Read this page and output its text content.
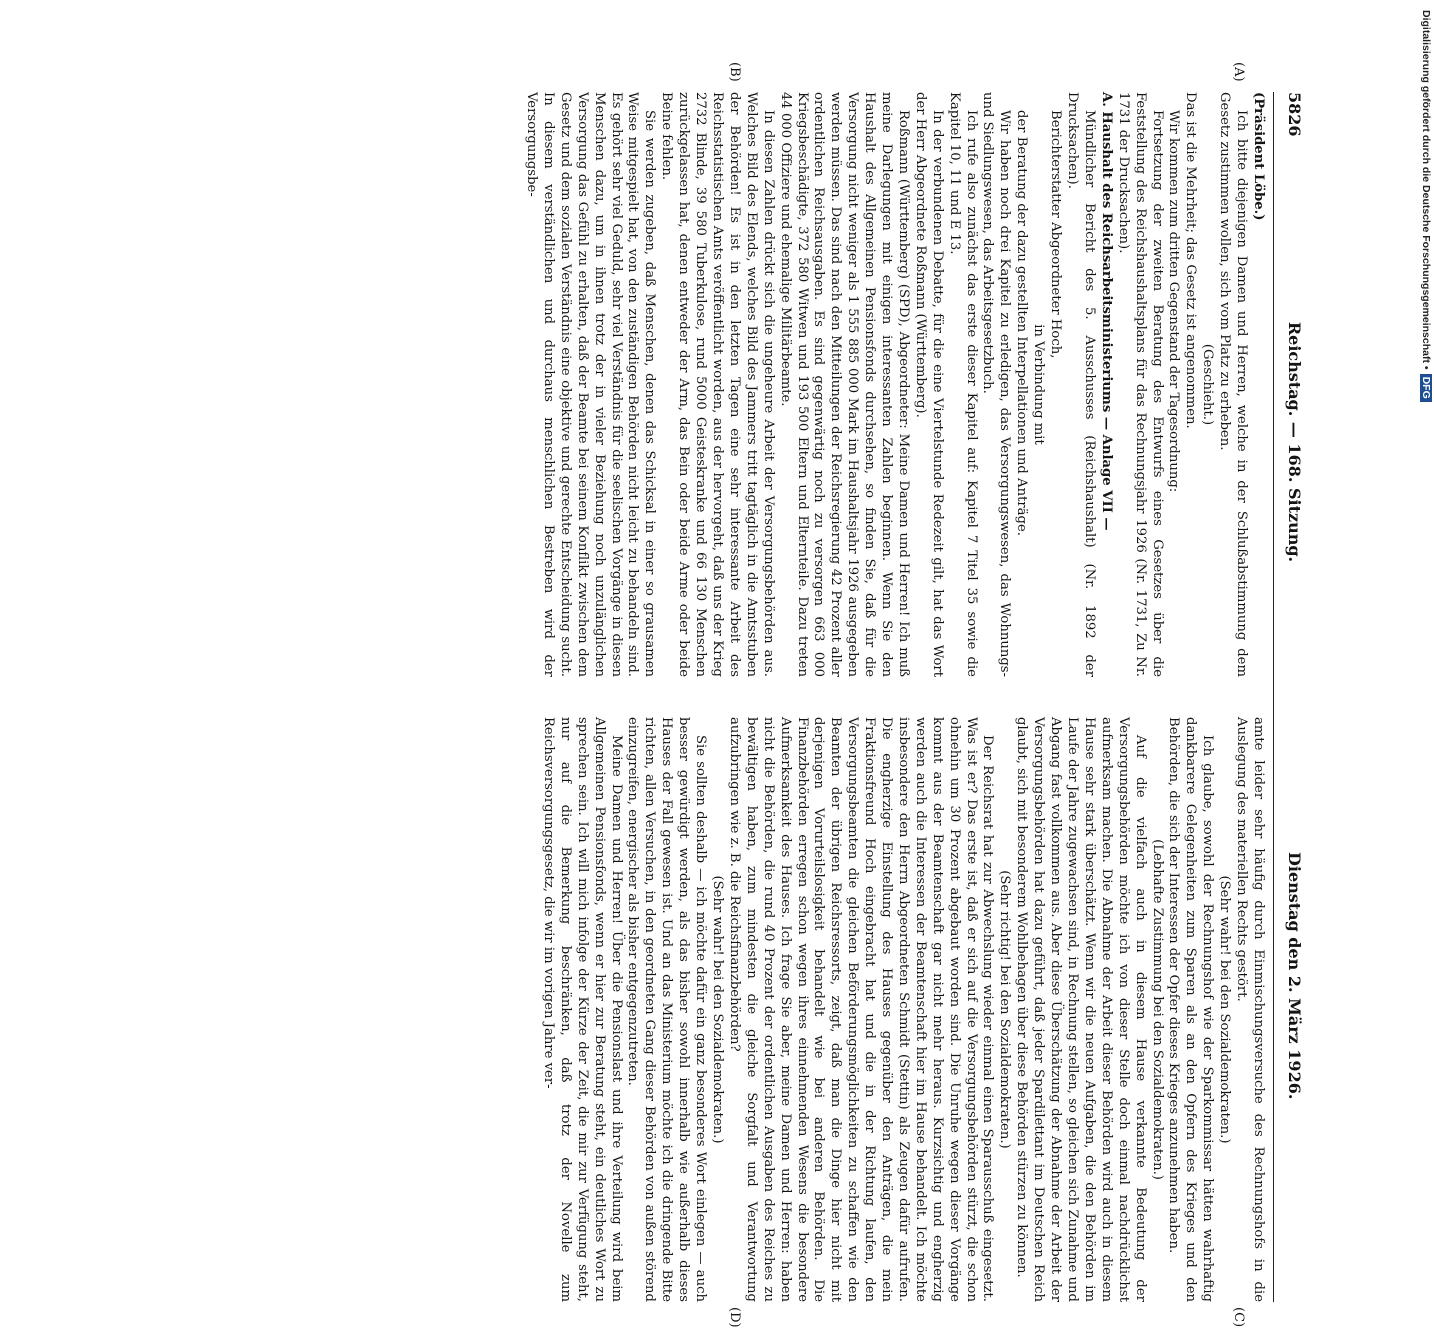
5826
Reichstag. — 168. Sitzung.
Dienstag den 2. März 1926.
(A)
(B)
(C)
(D)

(Präsident Löbe.)

Ich bitte diejenigen Damen und Herren, welche in der Schlußabstimmung dem Gesetz zustimmen wollen, sich vom Platz zu erheben.

(Geschieht.)

Das ist die Mehrheit; das Gesetz ist angenommen.

Wir kommen zum dritten Gegenstand der Tagesordnung:

Fortsetzung der zweiten Beratung des Entwurfs eines Gesetzes über die Feststellung des Reichshaushaltsplans für das Rechnungsjahr 1926 (Nr. 1731, Zu Nr. 1731 der Drucksachen).

A. Haushalt des Reichsarbeitsministeriums — Anlage VII —

Mündlicher Bericht des 5. Ausschusses (Reichshaushalt) (Nr. 1892 der Drucksachen).

Berichterstatter Abgeordneter Hoch,

in Verbindung mit

der Beratung der dazu gestellten Interpellationen und Anträge.

Wir haben noch drei Kapitel zu erledigen, das Versorgungswesen, das Wohnungs- und Siedlungswesen, das Arbeitsgesetzbuch.

Ich rufe also zunächst das erste dieser Kapitel auf: Kapitel 7 Titel 35 sowie die Kapitel 10, 11 und E 13.

In der verbundenen Debatte, für die eine Viertelstunde Redezeit gilt, hat das Wort der Herr Abgeordnete Roßmann (Württemberg).

Roßmann (Württemberg) (SPD), Abgeordneter: Meine Damen und Herren! Ich muß meine Darlegungen mit einigen interessanten Zahlen beginnen. Wenn Sie den Haushalt des Allgemeinen Pensionsfonds durchsehen, so finden Sie, daß für die Versorgung nicht weniger als 1 555 885 000 Mark im Haushaltsjahr 1926 ausgegeben werden müssen. Das sind nach den Mitteilungen der Reichsregierung 42 Prozent aller ordentlichen Reichsausgaben. Es sind gegenwärtig noch zu versorgen 663 000 Kriegsbeschädigte, 372 580 Witwen und 193 500 Eltern und Elternteile. Dazu treten 44 000 Offiziere und ehemalige Militärbeamte.

In diesen Zahlen drückt sich die ungeheure Arbeit der Versorgungsbehörden aus. Welches Bild des Elends, welches Bild des Jammers tritt tagtäglich in die Amtsstuben der Behörden! Es ist in den letzten Tagen eine sehr interessante Arbeit des Reichsstatistischen Amts veröffentlicht worden, aus der hervorgeht, daß uns der Krieg 2732 Blinde, 39 580 Tuberkulose, rund 5000 Geisteskranke und 66 130 Menschen zurückgelassen hat, denen entweder der Arm, das Bein oder beide Arme oder beide Beine fehlen.

Sie werden zugeben, daß Menschen, denen das Schicksal in einer so grausamen Weise mitgespielt hat, von den zuständigen Behörden nicht leicht zu behandeln sind. Es gehört sehr viel Geduld, sehr viel Verständnis für die seelischen Vorgänge in diesen Menschen dazu, um in ihnen trotz der in vieler Beziehung noch unzulänglichen Versorgung das Gefühl zu erhalten, daß der Beamte bei seinem Konflikt zwischen dem Gesetz und dem sozialen Verständnis eine objektive und gerechte Entscheidung sucht. In diesem verständlichen und durchaus menschlichen Bestreben wird der Versorgungsbe-

amte leider sehr häufig durch Einmischungsversuche des Rechnungshofs in die Auslegung des materiellen Rechts gestört.

(Sehr wahr! bei den Sozialdemokraten.)

Ich glaube, sowohl der Rechnungshof wie der Sparkommissar hätten wahrhaftig dankbarere Gelegenheiten zum Sparen als an den Opfern des Krieges und den Behörden, die sich der Interessen der Opfer dieses Krieges anzunehmen haben.

(Lebhafte Zustimmung bei den Sozialdemokraten.)

Auf die vielfach auch in diesem Hause verkannte Bedeutung der Versorgungsbehörden möchte ich von dieser Stelle doch einmal nachdrücklichst aufmerksam machen. Die Abnahme der Arbeit dieser Behörden wird auch in diesem Hause sehr stark überschätzt. Wenn wir die neuen Aufgaben, die den Behörden im Laufe der Jahre zugewachsen sind, in Rechnung stellen, so gleichen sich Zunahme und Abgang fast vollkommen aus. Aber diese Überschätzung der Abnahme der Arbeit der Versorgungsbehörden hat dazu geführt, daß jeder Spardilettant im Deutschen Reich glaubt, sich mit besonderem Wohlbehagen über diese Behörden stürzen zu können.

(Sehr richtig! bei den Sozialdemokraten.)

Der Reichsrat hat zur Abwechslung wieder einmal einen Sparausschuß eingesetzt. Was ist er? Das erste ist, daß er sich auf die Versorgungsbehörden stürzt, die schon ohnehin um 30 Prozent abgebaut worden sind. Die Unruhe wegen dieser Vorgänge kommt aus der Beamtenschaft gar nicht mehr heraus. Kurzsichtig und engherzig werden auch die Interessen der Beamtenschaft hier im Hause behandelt. Ich möchte insbesondere den Herrn Abgeordneten Schmidt (Stettin) als Zeugen dafür aufrufen. Die engherzige Einstellung des Hauses gegenüber den Anträgen, die mein Fraktionsfreund Hoch eingebracht hat und die in der Richtung laufen, den Versorgungsbeamten die gleichen Beförderungsmöglichkeiten zu schaffen wie den Beamten der übrigen Reichsressorts, zeigt, daß man die Dinge hier nicht mit derjenigen Vorurteilslosigkeit behandelt wie bei anderen Behörden. Die Finanzbehörden erregen schon wegen ihres einnehmenden Wesens die besondere Aufmerksamkeit des Hauses. Ich frage Sie aber, meine Damen und Herren: haben nicht die Behörden, die rund 40 Prozent der ordentlichen Ausgaben des Reiches zu bewältigen haben, zum mindesten die gleiche Sorgfalt und Verantwortung aufzubringen wie z. B. die Reichsfinanzbehörden?

(Sehr wahr! bei den Sozialdemokraten.)

Sie sollten deshalb — ich möchte dafür ein ganz besonderes Wort einlegen — auch besser gewürdigt werden, als das bisher sowohl innerhalb wie außerhalb dieses Hauses der Fall gewesen ist. Und an das Ministerium möchte ich die dringende Bitte richten, allen Versuchen, in den geordneten Gang dieser Behörden von außen störend einzugreifen, energischer als bisher entgegenzutreten.

Meine Damen und Herren! Über die Pensionslast und ihre Verteilung wird beim Allgemeinen Pensionsfonds, wenn er hier zur Beratung steht, ein deutliches Wort zu sprechen sein. Ich will mich infolge der Kürze der Zeit, die mir zur Verfügung steht, nur auf die Bemerkung beschränken, daß trotz der Novelle zum Reichsversorgungsgesetz, die wir im vorigen Jahre ver-

Digitalisierung gefördert durch die Deutsche Forschungsgemeinschaft •DFG
